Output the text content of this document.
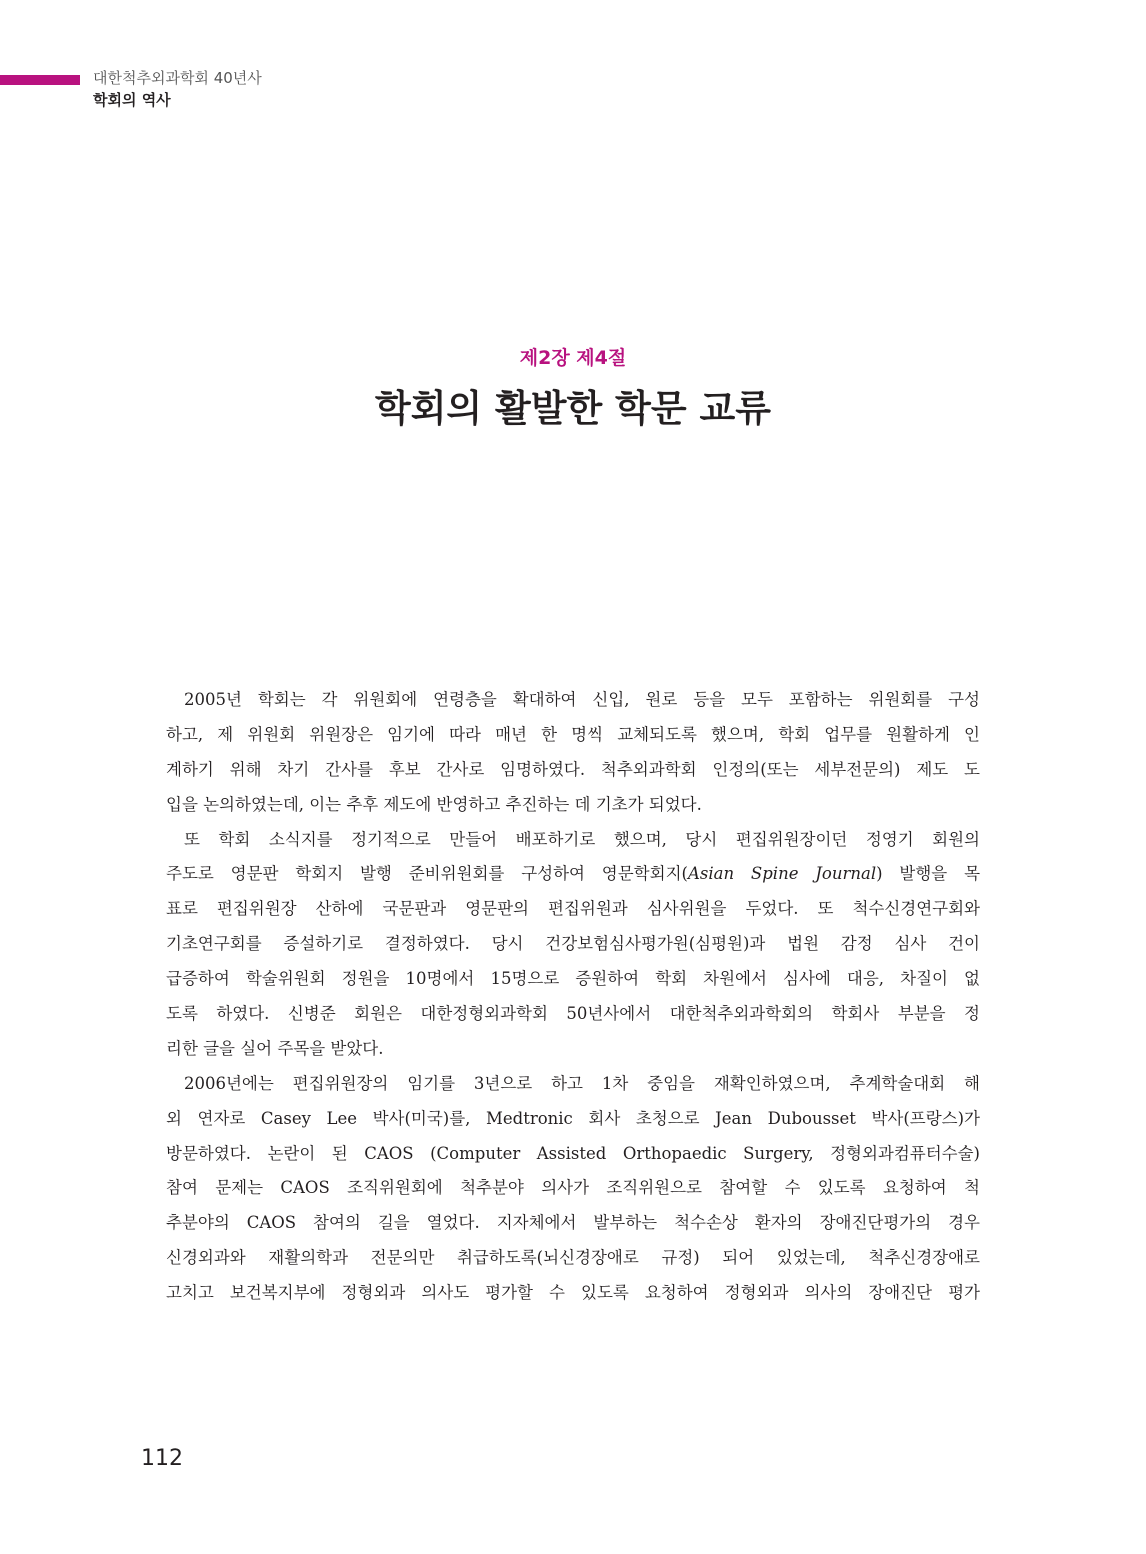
대한척추외과학회 40년사
학회의 역사
제2장 제4절
학회의 활발한 학문 교류
2005년 학회는 각 위원회에 연령층을 확대하여 신입, 원로 등을 모두 포함하는 위원회를 구성
하고, 제 위원회 위원장은 임기에 따라 매년 한 명씩 교체되도록 했으며, 학회 업무를 원활하게 인
계하기 위해 차기 간사를 후보 간사로 임명하였다. 척추외과학회 인정의(또는 세부전문의) 제도 도
입을 논의하였는데, 이는 추후 제도에 반영하고 추진하는 데 기초가 되었다.
또 학회 소식지를 정기적으로 만들어 배포하기로 했으며, 당시 편집위원장이던 정영기 회원의
주도로 영문판 학회지 발행 준비위원회를 구성하여 영문학회지(Asian Spine Journal) 발행을 목
표로 편집위원장 산하에 국문판과 영문판의 편집위원과 심사위원을 두었다. 또 척수신경연구회와
기초연구회를 증설하기로 결정하였다. 당시 건강보험심사평가원(심평원)과 법원 감정 심사 건이
급증하여 학술위원회 정원을 10명에서 15명으로 증원하여 학회 차원에서 심사에 대응, 차질이 없
도록 하였다. 신병준 회원은 대한정형외과학회 50년사에서 대한척추외과학회의 학회사 부분을 정
리한 글을 실어 주목을 받았다.
2006년에는 편집위원장의 임기를 3년으로 하고 1차 중임을 재확인하였으며, 추계학술대회 해
외 연자로 Casey Lee 박사(미국)를, Medtronic 회사 초청으로 Jean Dubousset 박사(프랑스)가
방문하였다. 논란이 된 CAOS (Computer Assisted Orthopaedic Surgery, 정형외과컴퓨터수술)
참여 문제는 CAOS 조직위원회에 척추분야 의사가 조직위원으로 참여할 수 있도록 요청하여 척
추분야의 CAOS 참여의 길을 열었다. 지자체에서 발부하는 척수손상 환자의 장애진단평가의 경우
신경외과와 재활의학과 전문의만 취급하도록(뇌신경장애로 규정) 되어 있었는데, 척추신경장애로
고치고 보건복지부에 정형외과 의사도 평가할 수 있도록 요청하여 정형외과 의사의 장애진단 평가
112
